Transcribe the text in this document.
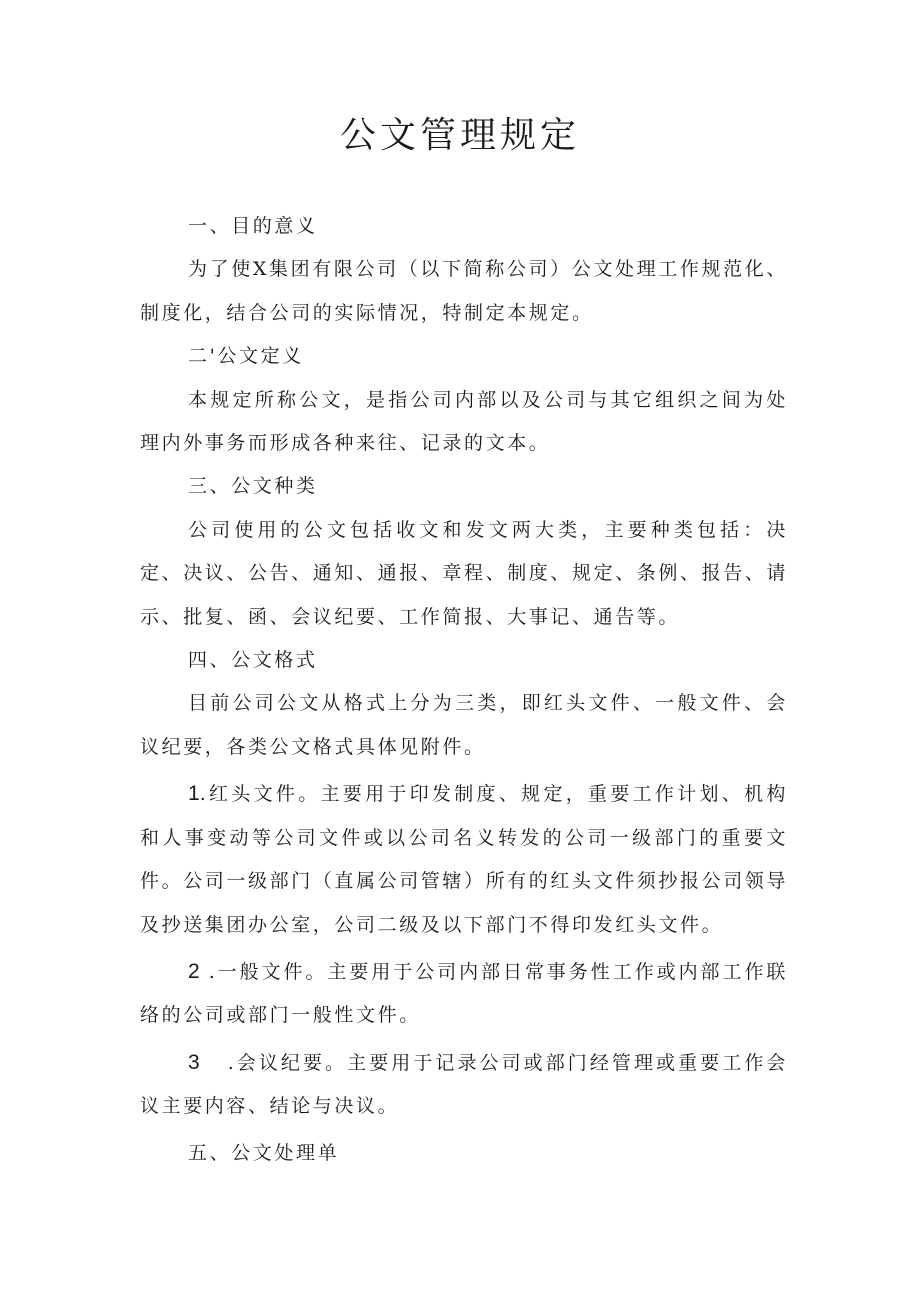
公文管理规定
一、目的意义

为了使X集团有限公司（以下简称公司）公文处理工作规范化、制度化，结合公司的实际情况，特制定本规定。

二'公文定义

本规定所称公文，是指公司内部以及公司与其它组织之间为处理内外事务而形成各种来往、记录的文本。

三、公文种类

公司使用的公文包括收文和发文两大类，主要种类包括：决定、决议、公告、通知、通报、章程、制度、规定、条例、报告、请示、批复、函、会议纪要、工作简报、大事记、通告等。

四、公文格式

目前公司公文从格式上分为三类，即红头文件、一般文件、会议纪要，各类公文格式具体见附件。

1.红头文件。主要用于印发制度、规定，重要工作计划、机构和人事变动等公司文件或以公司名义转发的公司一级部门的重要文件。公司一级部门（直属公司管辖）所有的红头文件须抄报公司领导及抄送集团办公室，公司二级及以下部门不得印发红头文件。

2 .一般文件。主要用于公司内部日常事务性工作或内部工作联络的公司或部门一般性文件。

3 .会议纪要。主要用于记录公司或部门经管理或重要工作会议主要内容、结论与决议。

五、公文处理单
